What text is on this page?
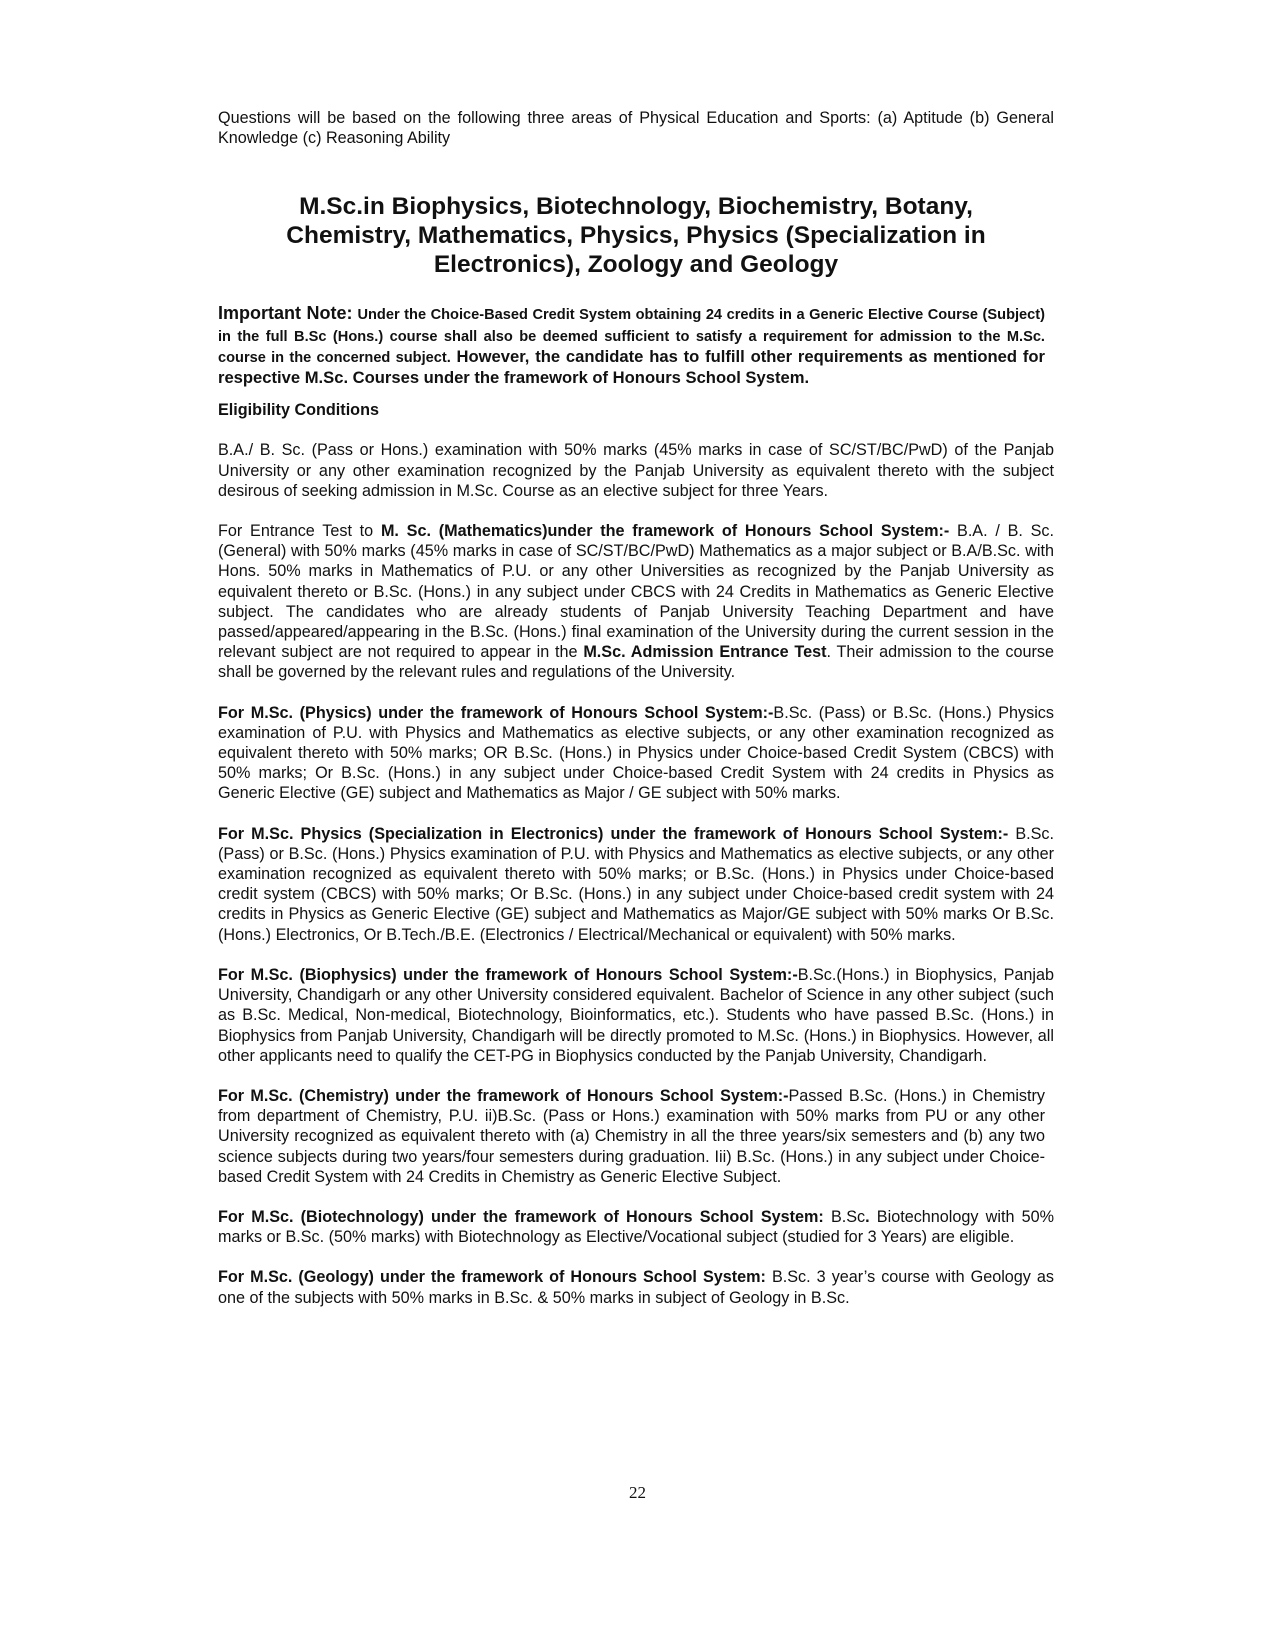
Questions will be based on the following three areas of Physical Education and Sports: (a) Aptitude (b) General Knowledge (c) Reasoning Ability

M.Sc.in Biophysics, Biotechnology, Biochemistry, Botany, Chemistry, Mathematics, Physics, Physics (Specialization in Electronics), Zoology and Geology

Important Note: Under the Choice-Based Credit System obtaining 24 credits in a Generic Elective Course (Subject) in the full B.Sc (Hons.) course shall also be deemed sufficient to satisfy a requirement for admission to the M.Sc. course in the concerned subject. However, the candidate has to fulfill other requirements as mentioned for respective M.Sc. Courses under the framework of Honours School System.

Eligibility Conditions

B.A./ B. Sc. (Pass or Hons.) examination with 50% marks (45% marks in case of SC/ST/BC/PwD) of the Panjab University or any other examination recognized by the Panjab University as equivalent thereto with the subject desirous of seeking admission in M.Sc. Course as an elective subject for three Years.

For Entrance Test to M. Sc. (Mathematics)under the framework of Honours School System:- B.A. / B. Sc. (General) with 50% marks (45% marks in case of SC/ST/BC/PwD) Mathematics as a major subject or B.A/B.Sc. with Hons. 50% marks in Mathematics of P.U. or any other Universities as recognized by the Panjab University as equivalent thereto or B.Sc. (Hons.) in any subject under CBCS with 24 Credits in Mathematics as Generic Elective subject. The candidates who are already students of Panjab University Teaching Department and have passed/appeared/appearing in the B.Sc. (Hons.) final examination of the University during the current session in the relevant subject are not required to appear in the M.Sc. Admission Entrance Test. Their admission to the course shall be governed by the relevant rules and regulations of the University.

For M.Sc. (Physics) under the framework of Honours School System:-B.Sc. (Pass) or B.Sc. (Hons.) Physics examination of P.U. with Physics and Mathematics as elective subjects, or any other examination recognized as equivalent thereto with 50% marks; OR B.Sc. (Hons.) in Physics under Choice-based Credit System (CBCS) with 50% marks; Or B.Sc. (Hons.) in any subject under Choice-based Credit System with 24 credits in Physics as Generic Elective (GE) subject and Mathematics as Major / GE subject with 50% marks.

For M.Sc. Physics (Specialization in Electronics) under the framework of Honours School System:- B.Sc. (Pass) or B.Sc. (Hons.) Physics examination of P.U. with Physics and Mathematics as elective subjects, or any other examination recognized as equivalent thereto with 50% marks; or B.Sc. (Hons.) in Physics under Choice-based credit system (CBCS) with 50% marks; Or B.Sc. (Hons.) in any subject under Choice-based credit system with 24 credits in Physics as Generic Elective (GE) subject and Mathematics as Major/GE subject with 50% marks Or B.Sc. (Hons.) Electronics, Or B.Tech./B.E. (Electronics / Electrical/Mechanical or equivalent) with 50% marks.

For M.Sc. (Biophysics) under the framework of Honours School System:-B.Sc.(Hons.) in Biophysics, Panjab University, Chandigarh or any other University considered equivalent. Bachelor of Science in any other subject (such as B.Sc. Medical, Non-medical, Biotechnology, Bioinformatics, etc.). Students who have passed B.Sc. (Hons.) in Biophysics from Panjab University, Chandigarh will be directly promoted to M.Sc. (Hons.) in Biophysics. However, all other applicants need to qualify the CET-PG in Biophysics conducted by the Panjab University, Chandigarh.

For M.Sc. (Chemistry) under the framework of Honours School System:-Passed B.Sc. (Hons.) in Chemistry from department of Chemistry, P.U. ii)B.Sc. (Pass or Hons.) examination with 50% marks from PU or any other University recognized as equivalent thereto with (a) Chemistry in all the three years/six semesters and (b) any two science subjects during two years/four semesters during graduation. Iii) B.Sc. (Hons.) in any subject under Choice-based Credit System with 24 Credits in Chemistry as Generic Elective Subject.

For M.Sc. (Biotechnology) under the framework of Honours School System: B.Sc. Biotechnology with 50% marks or B.Sc. (50% marks) with Biotechnology as Elective/Vocational subject (studied for 3 Years) are eligible.

For M.Sc. (Geology) under the framework of Honours School System: B.Sc. 3 year’s course with Geology as one of the subjects with 50% marks in B.Sc. & 50% marks in subject of Geology in B.Sc.

22
